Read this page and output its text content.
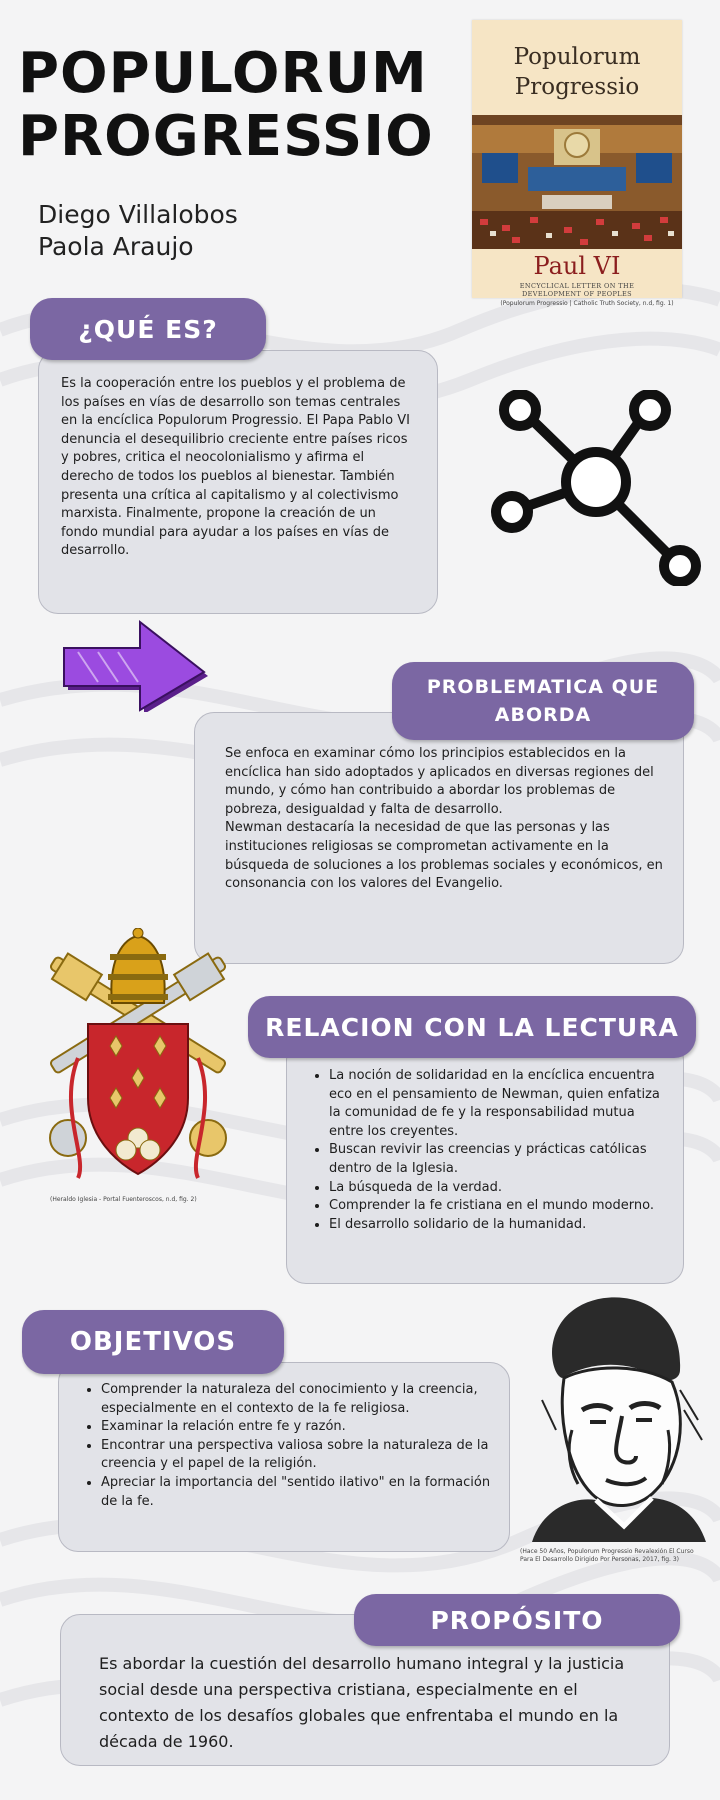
POPULORUM
PROGRESSIO
Diego Villalobos
Paola Araujo
Populorum
Progressio
Paul VI
ENCYCLICAL LETTER ON THE
DEVELOPMENT OF PEOPLES
(Populorum Progressio | Catholic Truth Society, n.d, fig. 1)
¿QUÉ ES?

Es la cooperación entre los pueblos y el problema de los países en vías de desarrollo son temas centrales en la encíclica Populorum Progressio. El Papa Pablo VI denuncia el desequilibrio creciente entre países ricos y pobres, critica el neocolonialismo y afirma el derecho de todos los pueblos al bienestar. También presenta una crítica al capitalismo y al colectivismo marxista. Finalmente, propone la creación de un fondo mundial para ayudar a los países en vías de desarrollo.

PROBLEMATICA QUE
ABORDA

Se enfoca en examinar cómo los principios establecidos en la encíclica han sido adoptados y aplicados en diversas regiones del mundo, y cómo han contribuido a abordar los problemas de pobreza, desigualdad y falta de desarrollo.

Newman destacaría la necesidad de que las personas y las instituciones religiosas se comprometan activamente en la búsqueda de soluciones a los problemas sociales y económicos, en consonancia con los valores del Evangelio.

(Heraldo Iglesia - Portal Fuenteroscos, n.d, fig. 2)
RELACION CON LA LECTURA
• La noción de solidaridad en la encíclica encuentra eco en el pensamiento de Newman, quien enfatiza la comunidad de fe y la responsabilidad mutua entre los creyentes.
• Buscan revivir las creencias y prácticas católicas dentro de la Iglesia.
• La búsqueda de la verdad.
• Comprender la fe cristiana en el mundo moderno.
• El desarrollo solidario de la humanidad.
OBJETIVOS
• Comprender la naturaleza del conocimiento y la creencia, especialmente en el contexto de la fe religiosa.
• Examinar la relación entre fe y razón.
• Encontrar una perspectiva valiosa sobre la naturaleza de la creencia y el papel de la religión.
• Apreciar la importancia del "sentido ilativo" en la formación de la fe.
(Hace 50 Años, Populorum Progressio Revalexión El Curso
Para El Desarrollo Dirigido Por Personas, 2017, fig. 3)
PROPÓSITO

Es abordar la cuestión del desarrollo humano integral y la justicia social desde una perspectiva cristiana, especialmente en el contexto de los desafíos globales que enfrentaba el mundo en la década de 1960.
